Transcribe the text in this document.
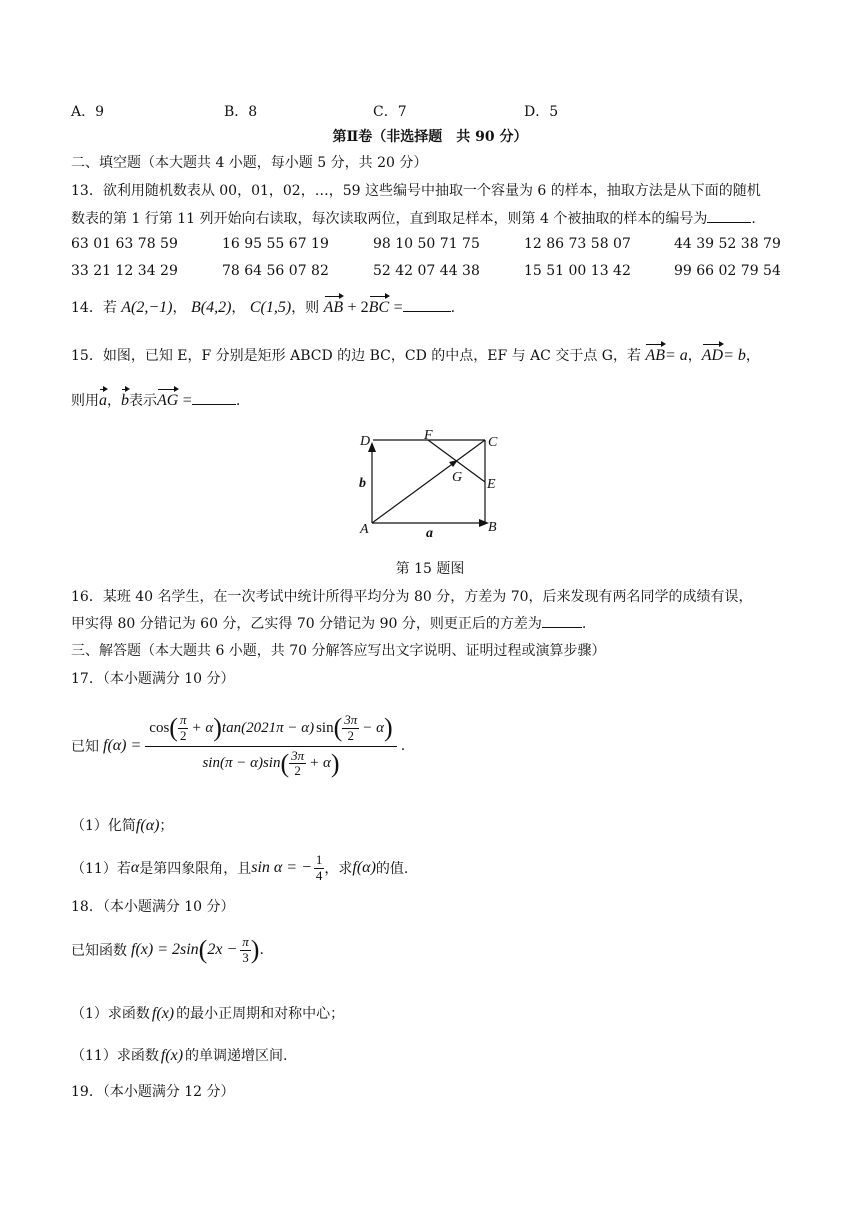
A．9	B．8	C．7	D．5
第Ⅱ卷（非选择题　共 90 分）
二、填空题（本大题共 4 小题，每小题 5 分，共 20 分）
13．欲利用随机数表从 00，01，02，…，59 这些编号中抽取一个容量为 6 的样本，抽取方法是从下面的随机
数表的第 1 行第 11 列开始向右读取，每次读取两位，直到取足样本，则第 4 个被抽取的样本的编号为	.
63 01 63 78 59	16 95 55 67 19	98 10 50 71 75	12 86 73 58 07	44 39 52 38 79
33 21 12 34 29	78 64 56 07 82	52 42 07 44 38	15 51 00 13 42	99 66 02 79 54
14．若 A(2,−1)， B(4,2)， C(1,5)，则 AB + 2BC =	.
15．如图，已知 E，F 分别是矩形 ABCD 的边 BC，CD 的中点，EF 与 AC 交于点 G，若 AB= a，AD= b，
则用a，b表示AG =	.
D	F	C
G E
A	B
a
b
第 15 题图
16．某班 40 名学生，在一次考试中统计所得平均分为 80 分，方差为 70，后来发现有两名同学的成绩有误，
甲实得 80 分错记为 60 分，乙实得 70 分错记为 90 分，则更正后的方差为	.
三、解答题（本大题共 6 小题，共 70 分解答应写出文字说明、证明过程或演算步骤）
17．（本小题满分 10 分）
已知 f(α) =
cos ( $\frac{\pi}{2} + \alpha$ ) tan(2021π − α) sin ( $\frac{3\pi}{2} - \alpha$ )
sin(π − α)sin ( $\frac{3\pi}{2} + \alpha$ )
.
（1）化简f(α)；
（11）若 α 是第四象限角，且 sin α = − $\frac{1}{4}$ ，求 f(α) 的值.
18．（本小题满分 10 分）
已知函数 f(x) = 2sin ( $2x - \frac{\pi}{3}$ ) .
（1）求函数 f(x) 的最小正周期和对称中心；
（11）求函数 f(x) 的单调递增区间.
19．（本小题满分 12 分）
